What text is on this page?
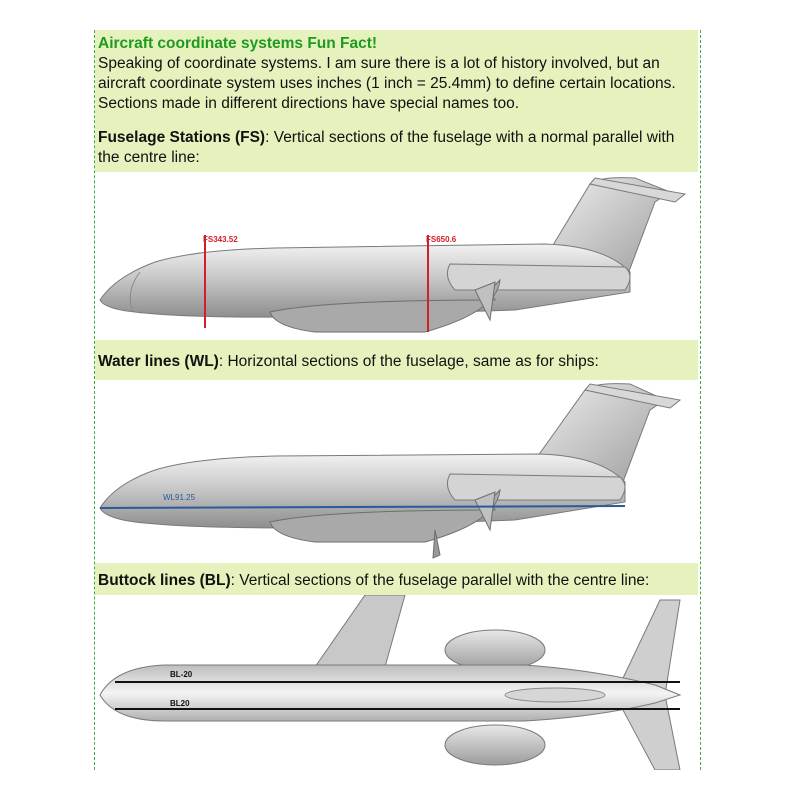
Aircraft coordinate systems Fun Fact!
Speaking of coordinate systems. I am sure there is a lot of history involved, but an
aircraft coordinate system uses inches (1 inch = 25.4mm) to define certain locations.
Sections made in different directions have special names too.
Fuselage Stations (FS): Vertical sections of the fuselage with a normal parallel with
the centre line:
FS343.52	FS650.6
Water lines (WL): Horizontal sections of the fuselage, same as for ships:
WL91.25
Buttock lines (BL): Vertical sections of the fuselage parallel with the centre line:
BL-20
BL20
